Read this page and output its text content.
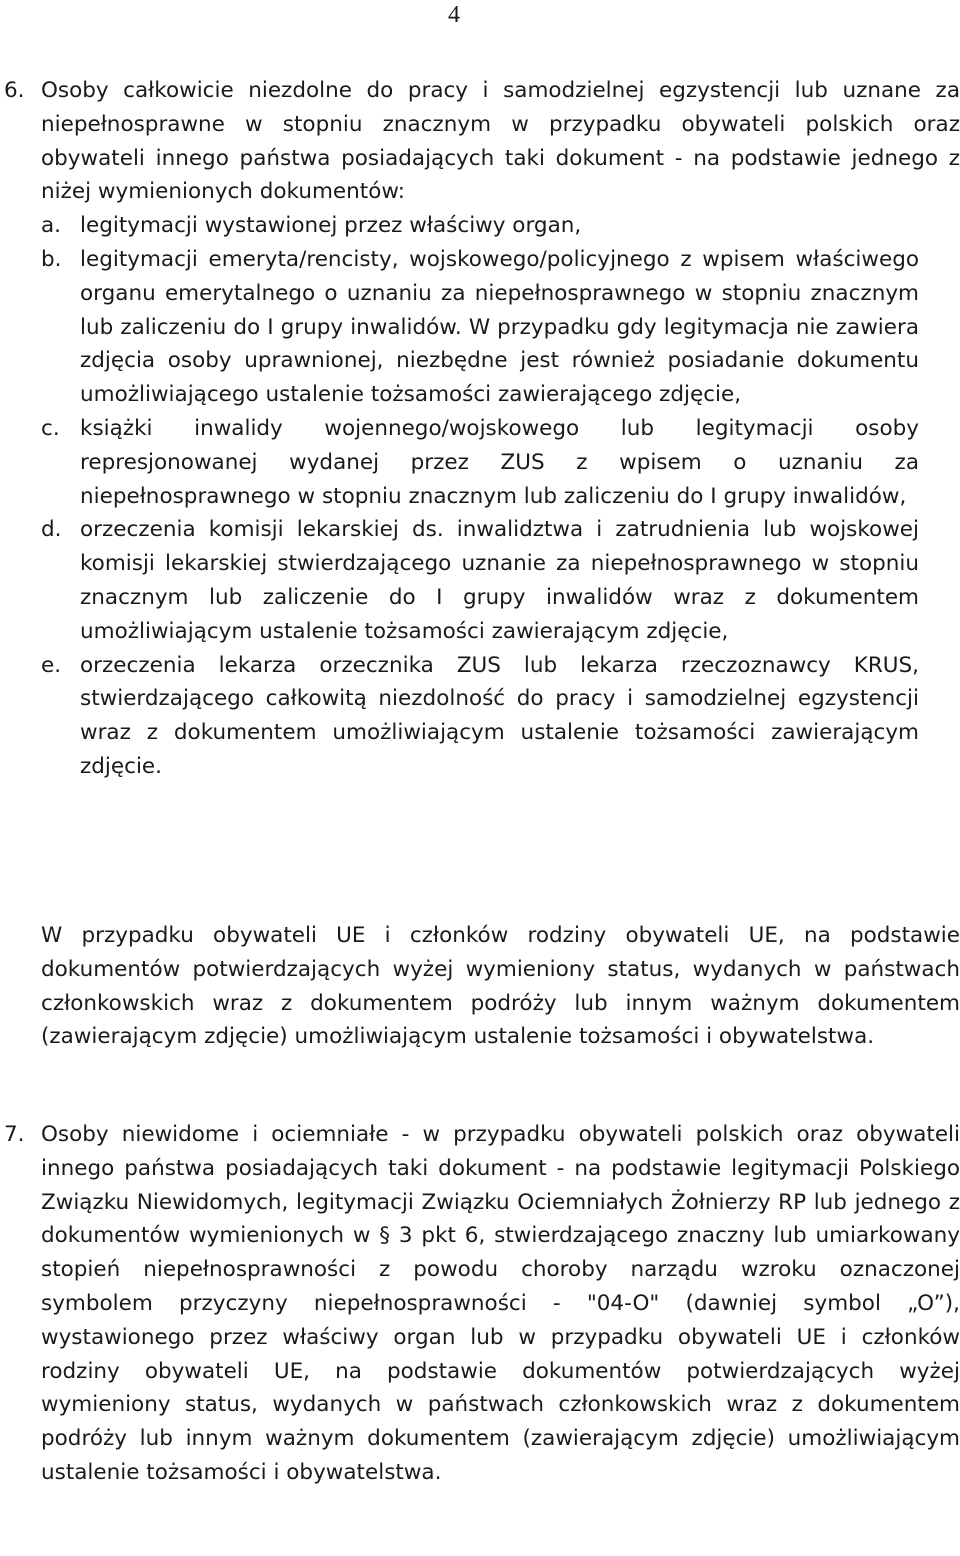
4
6. Osoby całkowicie niezdolne do pracy i samodzielnej egzystencji lub uznane za niepełnosprawne w stopniu znacznym w przypadku obywateli polskich oraz obywateli innego państwa posiadających taki dokument - na podstawie jednego z niżej wymienionych dokumentów:
a. legitymacji wystawionej przez właściwy organ,
b. legitymacji emeryta/rencisty, wojskowego/policyjnego z wpisem właściwego organu emerytalnego o uznaniu za niepełnosprawnego w stopniu znacznym lub zaliczeniu do I grupy inwalidów. W przypadku gdy legitymacja nie zawiera zdjęcia osoby uprawnionej, niezbędne jest również posiadanie dokumentu umożliwiającego ustalenie tożsamości zawierającego zdjęcie,
c. książki inwalidy wojennego/wojskowego lub legitymacji osoby represjonowanej wydanej przez ZUS z wpisem o uznaniu za niepełnosprawnego w stopniu znacznym lub zaliczeniu do I grupy inwalidów,
d. orzeczenia komisji lekarskiej ds. inwalidztwa i zatrudnienia lub wojskowej komisji lekarskiej stwierdzającego uznanie za niepełnosprawnego w stopniu znacznym lub zaliczenie do I grupy inwalidów wraz z dokumentem umożliwiającym ustalenie tożsamości zawierającym zdjęcie,
e. orzeczenia lekarza orzecznika ZUS lub lekarza rzeczoznawcy KRUS, stwierdzającego całkowitą niezdolność do pracy i samodzielnej egzystencji wraz z dokumentem umożliwiającym ustalenie tożsamości zawierającym zdjęcie.
W przypadku obywateli UE i członków rodziny obywateli UE, na podstawie dokumentów potwierdzających wyżej wymieniony status, wydanych w państwach członkowskich wraz z dokumentem podróży lub innym ważnym dokumentem (zawierającym zdjęcie) umożliwiającym ustalenie tożsamości i obywatelstwa.
7. Osoby niewidome i ociemniałe - w przypadku obywateli polskich oraz obywateli innego państwa posiadających taki dokument - na podstawie legitymacji Polskiego Związku Niewidomych, legitymacji Związku Ociemniałych Żołnierzy RP lub jednego z dokumentów wymienionych w § 3 pkt 6, stwierdzającego znaczny lub umiarkowany stopień niepełnosprawności z powodu choroby narządu wzroku oznaczonej symbolem przyczyny niepełnosprawności - "04-O" (dawniej symbol „O”), wystawionego przez właściwy organ lub w przypadku obywateli UE i członków rodziny obywateli UE, na podstawie dokumentów potwierdzających wyżej wymieniony status, wydanych w państwach członkowskich wraz z dokumentem podróży lub innym ważnym dokumentem (zawierającym zdjęcie) umożliwiającym ustalenie tożsamości i obywatelstwa.
